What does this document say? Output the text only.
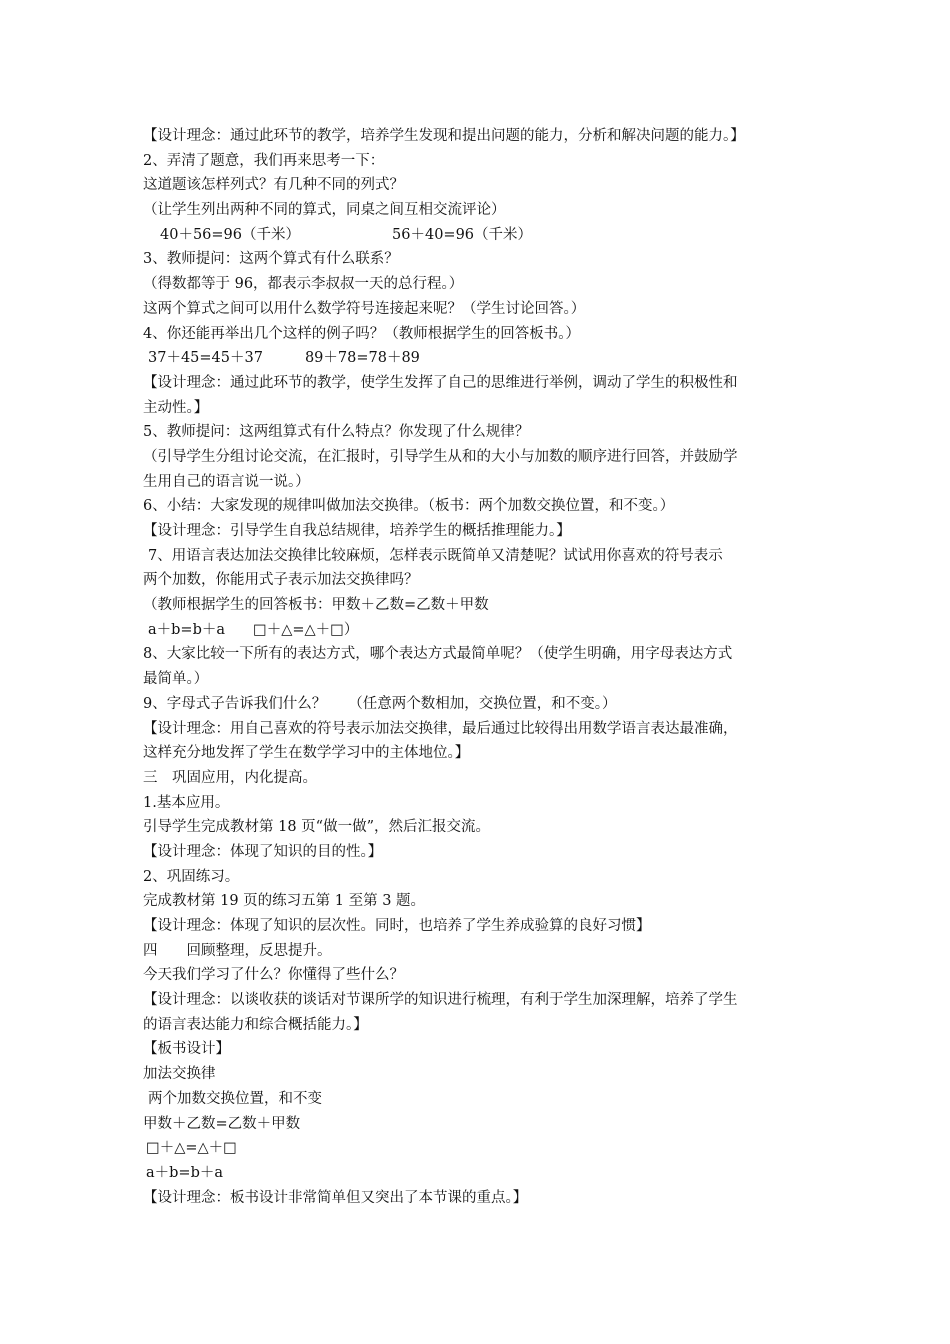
【设计理念：通过此环节的教学，培养学生发现和提出问题的能力，分析和解决问题的能力。】
2、弄清了题意，我们再来思考一下：
这道题该怎样列式？有几种不同的列式？
（让学生列出两种不同的算式，同桌之间互相交流评论）
40＋56=96（千米）	56＋40=96（千米）
3、教师提问：这两个算式有什么联系？
（得数都等于 96，都表示李叔叔一天的总行程。）
这两个算式之间可以用什么数学符号连接起来呢？（学生讨论回答。）
4、你还能再举出几个这样的例子吗？（教师根据学生的回答板书。）
37＋45=45＋37	89＋78=78＋89
【设计理念：通过此环节的教学，使学生发挥了自己的思维进行举例，调动了学生的积极性和
主动性。】
5、教师提问：这两组算式有什么特点？你发现了什么规律？
（引导学生分组讨论交流，在汇报时，引导学生从和的大小与加数的顺序进行回答，并鼓励学
生用自己的语言说一说。）
6、小结：大家发现的规律叫做加法交换律。（板书：两个加数交换位置，和不变。）
【设计理念：引导学生自我总结规律，培养学生的概括推理能力。】
7、用语言表达加法交换律比较麻烦，怎样表示既简单又清楚呢？试试用你喜欢的符号表示
两个加数，你能用式子表示加法交换律吗？
（教师根据学生的回答板书：甲数＋乙数=乙数＋甲数
a＋b=b＋a □＋△=△＋□）
8、大家比较一下所有的表达方式，哪个表达方式最简单呢？（使学生明确，用字母表达方式
最简单。）
9、字母式子告诉我们什么？ （任意两个数相加，交换位置，和不变。）
【设计理念：用自己喜欢的符号表示加法交换律，最后通过比较得出用数学语言表达最准确，
这样充分地发挥了学生在数学学习中的主体地位。】
三　巩固应用，内化提高。
1.基本应用。
引导学生完成教材第 18 页“做一做”，然后汇报交流。
【设计理念：体现了知识的目的性。】
2、巩固练习。
完成教材第 19 页的练习五第 1 至第 3 题。
【设计理念：体现了知识的层次性。同时，也培养了学生养成验算的良好习惯】
四　　回顾整理，反思提升。
今天我们学习了什么？你懂得了些什么？
【设计理念：以谈收获的谈话对节课所学的知识进行梳理，有利于学生加深理解，培养了学生
的语言表达能力和综合概括能力。】
【板书设计】
加法交换律
两个加数交换位置，和不变
甲数＋乙数=乙数＋甲数
□＋△=△＋□
a＋b=b＋a
【设计理念：板书设计非常简单但又突出了本节课的重点。】
